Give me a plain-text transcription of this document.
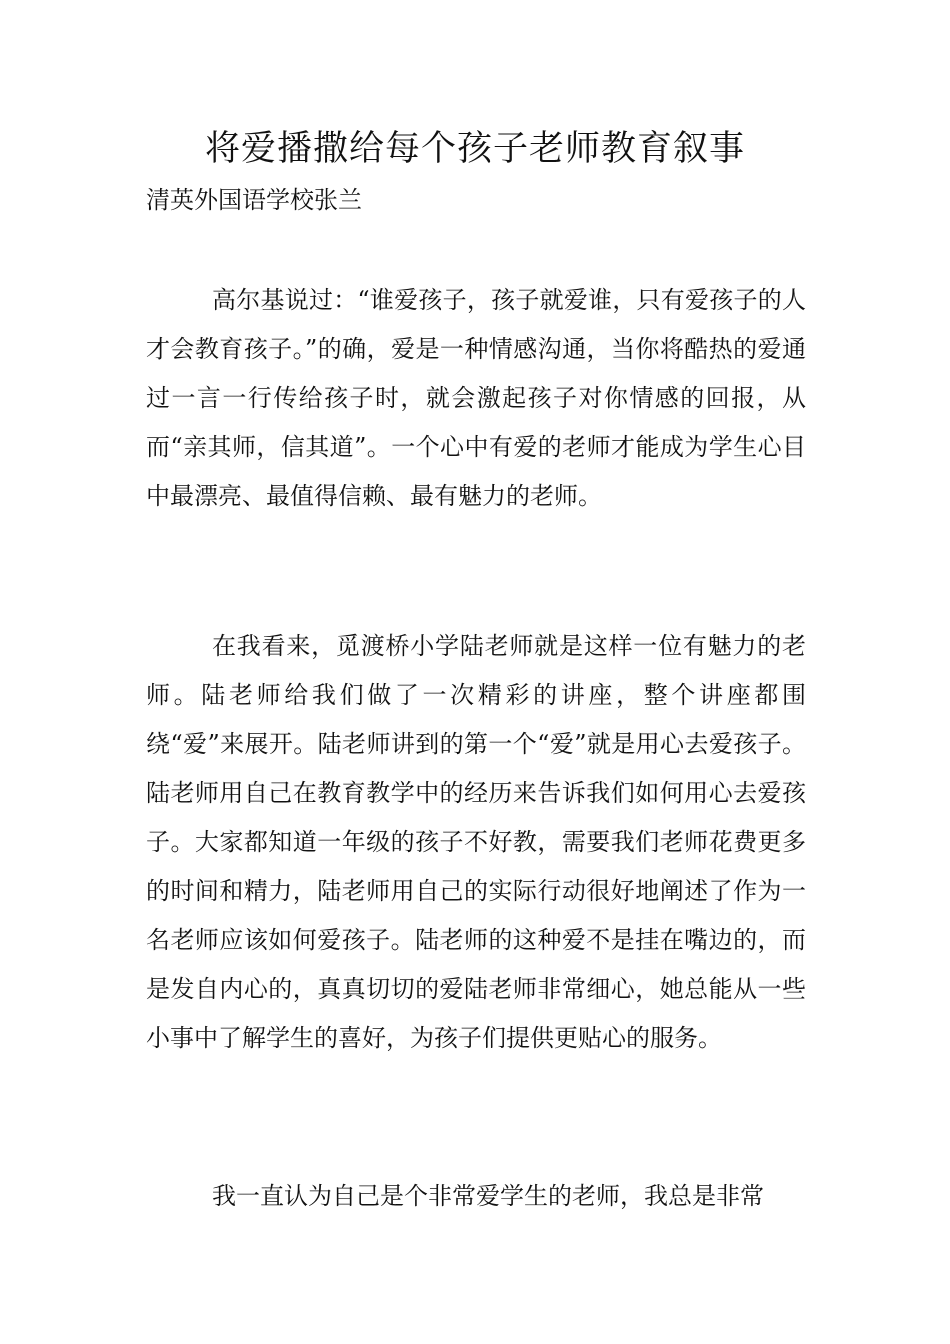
将爱播撒给每个孩子老师教育叙事
清英外国语学校张兰

高尔基说过：“谁爱孩子，孩子就爱谁，只有爱孩子的人才会教育孩子。”的确，爱是一种情感沟通，当你将酷热的爱通过一言一行传给孩子时，就会激起孩子对你情感的回报，从而“亲其师，信其道”。一个心中有爱的老师才能成为学生心目中最漂亮、最值得信赖、最有魅力的老师。

在我看来，觅渡桥小学陆老师就是这样一位有魅力的老师。陆老师给我们做了一次精彩的讲座，整个讲座都围绕“爱”来展开。陆老师讲到的第一个“爱”就是用心去爱孩子。陆老师用自己在教育教学中的经历来告诉我们如何用心去爱孩子。大家都知道一年级的孩子不好教，需要我们老师花费更多的时间和精力，陆老师用自己的实际行动很好地阐述了作为一名老师应该如何爱孩子。陆老师的这种爱不是挂在嘴边的，而是发自内心的，真真切切的爱陆老师非常细心，她总能从一些小事中了解学生的喜好，为孩子们提供更贴心的服务。

我一直认为自己是个非常爱学生的老师，我总是非常
